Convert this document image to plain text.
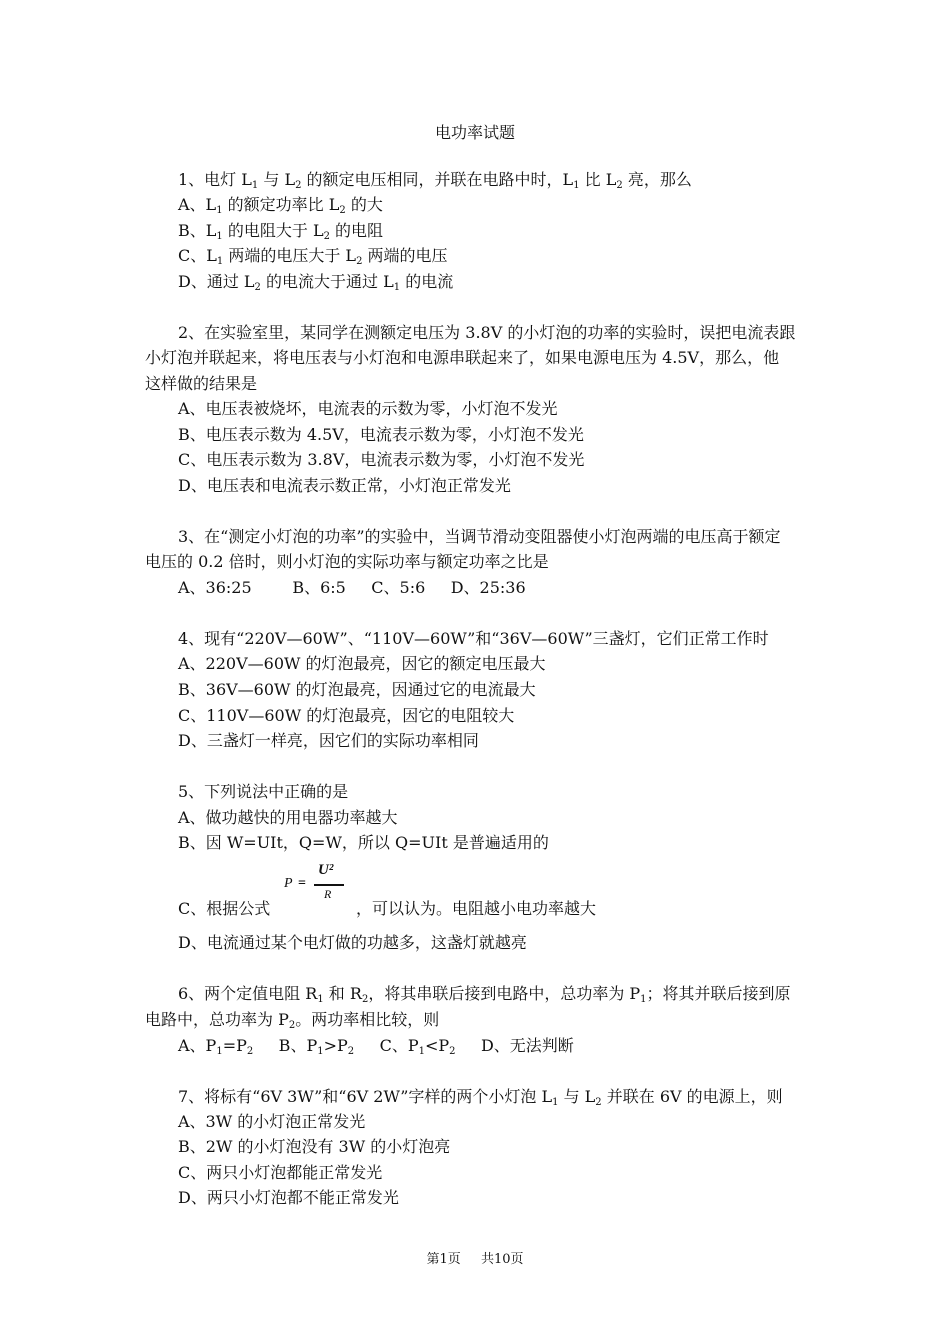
电功率试题
1、电灯 $L_1$ 与 $L_2$ 的额定电压相同，并联在电路中时，$L_1$ 比 $L_2$ 亮，那么
A、$L_1$ 的额定功率比 $L_2$ 的大
B、$L_1$ 的电阻大于 $L_2$ 的电阻
C、$L_1$ 两端的电压大于 $L_2$ 两端的电压
D、通过 $L_2$ 的电流大于通过 $L_1$ 的电流
2、在实验室里，某同学在测额定电压为 3.8V 的小灯泡的功率的实验时，误把电流表跟
小灯泡并联起来，将电压表与小灯泡和电源串联起来了，如果电源电压为 4.5V，那么，他
这样做的结果是
A、电压表被烧坏，电流表的示数为零，小灯泡不发光
B、电压表示数为 4.5V，电流表示数为零，小灯泡不发光
C、电压表示数为 3.8V，电流表示数为零，小灯泡不发光
D、电压表和电流表示数正常，小灯泡正常发光
3、在“测定小灯泡的功率”的实验中，当调节滑动变阻器使小灯泡两端的电压高于额定
电压的 0.2 倍时，则小灯泡的实际功率与额定功率之比是
A、36:25        B、6:5     C、5:6     D、25:36
4、现有“220V—60W”、“110V—60W”和“36V—60W”三盏灯，它们正常工作时
A、220V—60W 的灯泡最亮，因它的额定电压最大
B、36V—60W 的灯泡最亮，因通过它的电流最大
C、110V—60W 的灯泡最亮，因它的电阻较大
D、三盏灯一样亮，因它们的实际功率相同
5、下列说法中正确的是
A、做功越快的用电器功率越大
B、因 W=UIt，Q=W，所以 Q=UIt 是普遍适用的
C、根据公式
P =
U²
R
，可以认为。电阻越小电功率越大
D、电流通过某个电灯做的功越多，这盏灯就越亮
6、两个定值电阻 $R_1$ 和 $R_2$，将其串联后接到电路中，总功率为 $P_1$；将其并联后接到原
电路中，总功率为 $P_2$。两功率相比较，则
A、$P_1=P_2$     B、$P_1>P_2$     C、$P_1<P_2$     D、无法判断
7、将标有“6V 3W”和“6V 2W”字样的两个小灯泡 $L_1$ 与 $L_2$ 并联在 6V 的电源上，则
A、3W 的小灯泡正常发光
B、2W 的小灯泡没有 3W 的小灯泡亮
C、两只小灯泡都能正常发光
D、两只小灯泡都不能正常发光
第1页 共10页
